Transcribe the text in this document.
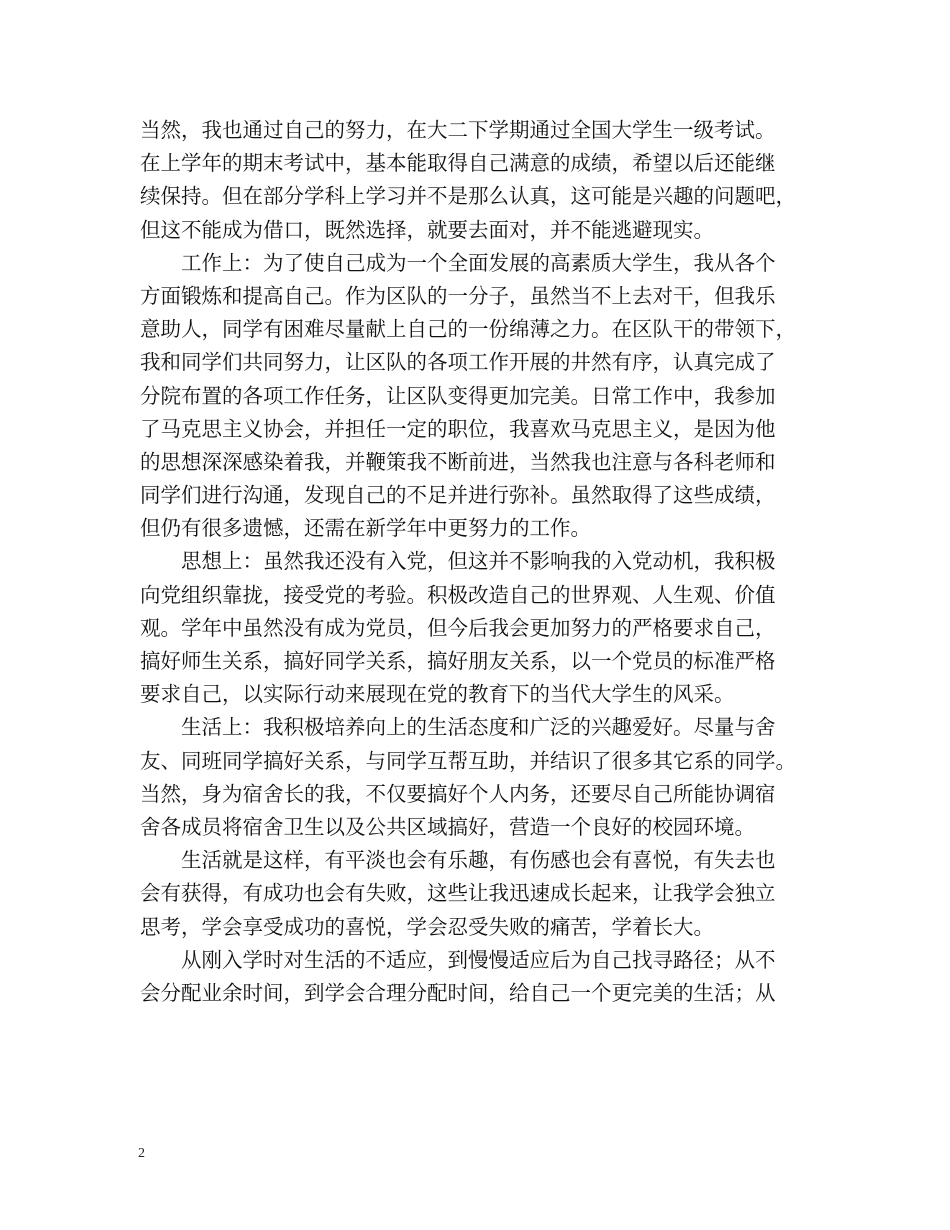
当然，我也通过自己的努力，在大二下学期通过全国大学生一级考试。
在上学年的期末考试中，基本能取得自己满意的成绩，希望以后还能继
续保持。但在部分学科上学习并不是那么认真，这可能是兴趣的问题吧，
但这不能成为借口，既然选择，就要去面对，并不能逃避现实。
工作上：为了使自己成为一个全面发展的高素质大学生，我从各个
方面锻炼和提高自己。作为区队的一分子，虽然当不上去对干，但我乐
意助人，同学有困难尽量献上自己的一份绵薄之力。在区队干的带领下，
我和同学们共同努力，让区队的各项工作开展的井然有序，认真完成了
分院布置的各项工作任务，让区队变得更加完美。日常工作中，我参加
了马克思主义协会，并担任一定的职位，我喜欢马克思主义，是因为他
的思想深深感染着我，并鞭策我不断前进，当然我也注意与各科老师和
同学们进行沟通，发现自己的不足并进行弥补。虽然取得了这些成绩，
但仍有很多遗憾，还需在新学年中更努力的工作。
思想上：虽然我还没有入党，但这并不影响我的入党动机，我积极
向党组织靠拢，接受党的考验。积极改造自己的世界观、人生观、价值
观。学年中虽然没有成为党员，但今后我会更加努力的严格要求自己，
搞好师生关系，搞好同学关系，搞好朋友关系，以一个党员的标准严格
要求自己，以实际行动来展现在党的教育下的当代大学生的风采。
生活上：我积极培养向上的生活态度和广泛的兴趣爱好。尽量与舍
友、同班同学搞好关系，与同学互帮互助，并结识了很多其它系的同学。
当然，身为宿舍长的我，不仅要搞好个人内务，还要尽自己所能协调宿
舍各成员将宿舍卫生以及公共区域搞好，营造一个良好的校园环境。
生活就是这样，有平淡也会有乐趣，有伤感也会有喜悦，有失去也
会有获得，有成功也会有失败，这些让我迅速成长起来，让我学会独立
思考，学会享受成功的喜悦，学会忍受失败的痛苦，学着长大。
从刚入学时对生活的不适应，到慢慢适应后为自己找寻路径；从不
会分配业余时间，到学会合理分配时间，给自己一个更完美的生活；从
2
